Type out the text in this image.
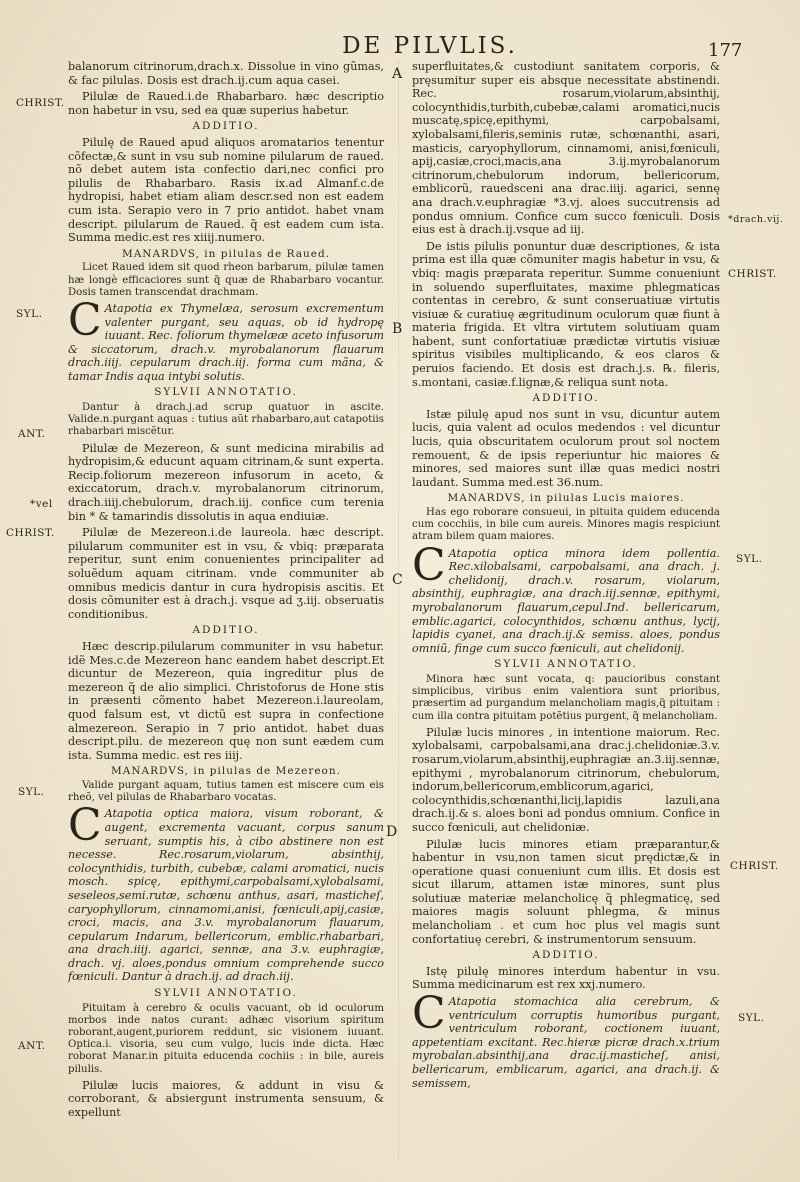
DE PILVLIS.	177
CHRIST.
SYL.
ANT.
*vel
CHRIST.
SYL.
ANT.
A
B
C
D
*drach.vij.
CHRIST.
SYL.
CHRIST.
SYL.

balanorum citrinorum,drach.x. Dissolue in vino gũmas, & fac pilulas. Dosis est drach.ij.cum aqua casei.

Pilulæ de Raued.i.de Rhabarbaro. hæc descriptio non habetur in vsu, sed ea quæ superius habetur.

ADDITIO.

Pilulę de Raued apud aliquos aromatarios tenentur cõfectæ,& sunt in vsu sub nomine pilularum de raued. nõ debet autem ista confectio dari,nec confici pro pilulis de Rhabarbaro. Rasis ix.ad Almanf.c.de hydropisi, habet etiam aliam descr.sed non est eadem cum ista. Serapio vero in 7 prio antidot. habet vnam descript. pilularum de Raued. q̃ est eadem cum ista. Summa medic.est res xiiij.numero.

MANARDVS, in pilulas de Raued.

Licet Raued idem sit quod rheon barbarum, pilulæ tamen hæ longè efficaciores sunt q̃ quæ de Rhabarbaro vocantur. Dosis tamen transcendat drachmam.

C Atapotia ex Thymelæa, serosum excrementum valenter purgant, seu aquas, ob id hydropę iuuant. Rec. foliorum thymelææ aceto infusorum & siccatorum, drach.v. myrobalanorum flauarum drach.iiij. cepularum drach.iij. forma cum mãna, & tamar Indis aqua intybi solutis.

SYLVII ANNOTATIO.

Dantur à drach.j.ad scrup quatuor in ascite. Valide.n.purgant aquas : tutius aũt rhabarbaro,aut catapotiis rhabarbari miscẽtur.

Pilulæ de Mezereon, & sunt medicina mirabilis ad hydropisim,& educunt aquam citrinam,& sunt experta. Recip.foliorum mezereon infusorum in aceto, & exiccatorum, drach.v. myrobalanorum citrinorum, drach.iiij.chebulorum, drach.iij. confice cum terenia bin * & tamarindis dissolutis in aqua endiuiæ.

Pilulæ de Mezereon.i.de laureola. hæc descript. pilularum communiter est in vsu, & vbiq: præparata reperitur, sunt enim conuenientes principaliter ad soluẽdum aquam citrinam. vnde communiter ab omnibus medicis dantur in cura hydropisis ascitis. Et dosis cõmuniter est à drach.j. vsque ad ʒ.iij. obseruatis conditionibus.

ADDITIO.

Hæc descrip.pilularum communiter in vsu habetur. idẽ Mes.c.de Mezereon hanc eandem habet descript.Et dicuntur de Mezereon, quia ingreditur plus de mezereon q̃ de alio simplici. Christoforus de Hone stis in præsenti cõmento habet Mezereon.i.laureolam, quod falsum est, vt dictũ est supra in confectione almezereon. Serapio in 7 prio antidot. habet duas descript.pilu. de mezereon quę non sunt eædem cum ista. Summa medic. est res iiij.

MANARDVS, in pilulas de Mezereon.

Valide purgant aquam, tutius tamen est miscere cum eis rheõ, vel pilulas de Rhabarbaro vocatas.

C Atapotia optica maiora, visum roborant, & augent, excrementa vacuant, corpus sanum seruant, sumptis his, à cibo abstinere non est necesse. Rec.rosarum,violarum, absinthij, colocynthidis, turbith, cubebæ, calami aromatici, nucis mosch. spicę, epithymi,carpobalsami,xylobalsami, seseleos,semi.rutæ, schœnu anthus, asari, masticheſ, caryophyllorum, cinnamomi,anisi, fœniculi,apij,casiæ, croci, macis, ana 3.v. myrobalanorum flauarum, cepularum Indarum, bellericorum, emblic.rhabarbari, ana drach.iiij. agarici, sennæ, ana 3.v. euphragiæ, drach. vj. aloes,pondus omnium comprehende succo fœniculi. Dantur à drach.ij. ad drach.iij.

SYLVII ANNOTATIO.

Pituitam à cerebro & oculis vacuant, ob id oculorum morbos inde natos curant: adhæc visorium spiritum roborant,augent,puriorem reddunt, sic visionem iuuant. Optica.i. visoria, seu cum vulgo, lucis inde dicta. Hæc roborat Manar.in pituita educenda cochiis : in bile, aureis pilulis.

Pilulæ lucis maiores, & addunt in visu & corroborant, & absiergunt instrumenta sensuum, & expellunt

superfluitates,& custodiunt sanitatem corporis, & pręsumitur super eis absque necessitate abstinendi. Rec. rosarum,violarum,absinthij, colocynthidis,turbith,cubebæ,calami aromatici,nucis muscatę,spicę,epithymi, carpobalsami, xylobalsami,fileris,seminis rutæ, schœnanthi, asari, masticis, caryophyllorum, cinnamomi, anisi,fœniculi, apij,casiæ,croci,macis,ana 3.ij.myrobalanorum citrinorum,chebulorum indorum, bellericorum, emblicorũ, rauedsceni ana drac.iiij. agarici, sennę ana drach.v.euphragiæ *3.vj. aloes succutrensis ad pondus omnium. Confice cum succo fœniculi. Dosis eius est à drach.ij.vsque ad iij.

De istis pilulis ponuntur duæ descriptiones, & ista prima est illa quæ cõmuniter magis habetur in vsu, & vbiq: magis præparata reperitur. Summe conueniunt in soluendo superfluitates, maxime phlegmaticas contentas in cerebro, & sunt conseruatiuæ virtutis visiuæ & curatiuę ægritudinum oculorum quæ fiunt à materia frigida. Et vltra virtutem solutiuam quam habent, sunt confortatiuæ prædictæ virtutis visiuæ spiritus visibiles multiplicando, & eos claros & peruios faciendo. Et dosis est drach.j.s. ℞. fileris, s.montani, casiæ.f.lignæ,& reliqua sunt nota.

ADDITIO.

Istæ pilulę apud nos sunt in vsu, dicuntur autem lucis, quia valent ad oculos medendos : vel dicuntur lucis, quia obscuritatem oculorum prout sol noctem remouent, & de ipsis reperiuntur hic maiores & minores, sed maiores sunt illæ quas medici nostri laudant. Summa med.est 36.num.

MANARDVS, in pilulas Lucis maiores.

Has ego roborare consueui, in pituita quidem educenda cum cocchiis, in bile cum aureis. Minores magis respiciunt atram bilem quam maiores.

C Atapotia optica minora idem pollentia. Rec.xilobalsami, carpobalsami, ana drach. j. chelidonij, drach.v. rosarum, violarum, absinthij, euphragiæ, ana drach.iij.sennæ, epithymi, myrobalanorum flauarum,cepul.Ind. bellericarum, emblic.agarici, colocynthidos, schœnu anthus, lycij, lapidis cyanei, ana drach.ij.& semiss. aloes, pondus omniũ, finge cum succo fœniculi, aut chelidonij.

SYLVII ANNOTATIO.

Minora hæc sunt vocata, q: paucioribus constant simplicibus, viribus enim valentiora sunt prioribus, præsertim ad purgandum melancholiam magis,q̃ pituitam : cum illa contra pituitam potẽtius purgent, q̃ melancholiam.

Pilulæ lucis minores , in intentione maiorum. Rec. xylobalsami, carpobalsami,ana drac.j.chelidoniæ.3.v. rosarum,violarum,absinthij,euphragiæ an.3.iij.sennæ, epithymi , myrobalanorum citrinorum, chebulorum, indorum,bellericorum,emblicorum,agarici, colocynthidis,schœnanthi,licij,lapidis lazuli,ana drach.ij.& s. aloes boni ad pondus omnium. Confice in succo fœniculi, aut chelidoniæ.

Pilulæ lucis minores etiam præparantur,& habentur in vsu,non tamen sicut prędictæ,& in operatione quasi conueniunt cum illis. Et dosis est sicut illarum, attamen istæ minores, sunt plus solutiuæ materiæ melancholicę q̃ phlegmaticę, sed maiores magis soluunt phlegma, & minus melancholiam . et cum hoc plus vel magis sunt confortatiuę cerebri, & instrumentorum sensuum.

ADDITIO.

Istę pilulę minores interdum habentur in vsu. Summa medicinarum est rex xxj.numero.

C Atapotia stomachica alia cerebrum, & ventriculum corruptis humoribus purgant, ventriculum roborant, coctionem iuuant, appetentiam excitant. Rec.hieræ picræ drach.x.trium myrobalan.absinthij,ana drac.ij.masticheſ, anisi, bellericarum, emblicarum, agarici, ana drach.ij. & semissem,
